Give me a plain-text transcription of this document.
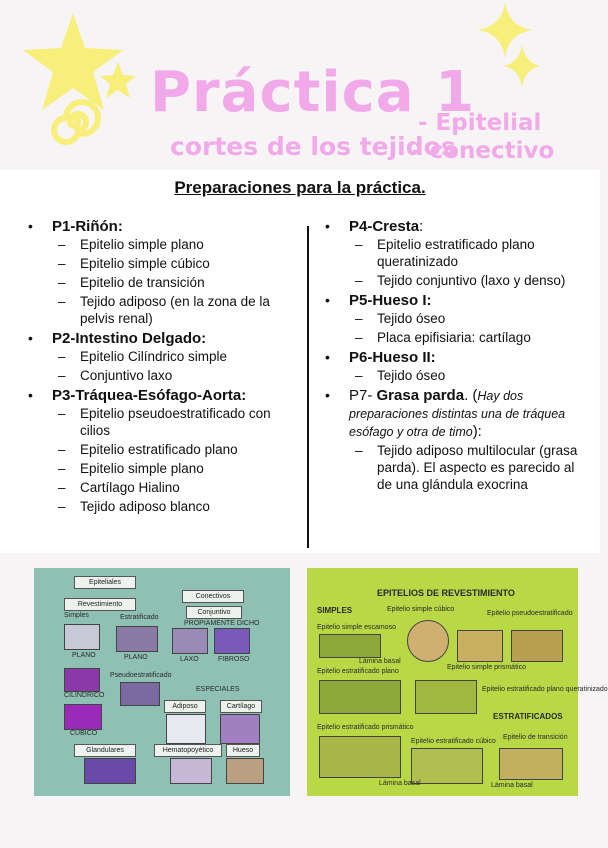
Práctica 1
cortes de los tejidos
- Epitelial
- conectivo
Preparaciones para la práctica.
• P1-Riñón:
– Epitelio simple plano
– Epitelio simple cúbico
– Epitelio de transición
– Tejido adiposo (en la zona de la pelvis renal)
• P2-Intestino Delgado:
– Epitelio Cilíndrico simple
– Conjuntivo laxo
• P3-Tráquea-Esófago-Aorta:
– Epitelio pseudoestratificado con cilios
– Epitelio estratificado plano
– Epitelio simple plano
– Cartílago Hialino
– Tejido adiposo blanco
• P4-Cresta:
– Epitelio estratificado plano queratinizado
– Tejido conjuntivo (laxo y denso)
• P5-Hueso I:
– Tejido óseo
– Placa epifisiaria: cartílago
• P6-Hueso II:
– Tejido óseo
• P7- Grasa parda. (Hay dos preparaciones distintas una de tráquea esófago y otra de timo):
– Tejido adiposo multilocular (grasa parda). El aspecto es parecido al de una glándula exocrina
Epiteliales
Conectivos
Revestimiento
Conjuntivo
Simples	Estratificado
PROPIAMENTE DICHO
PLANO	PLANO	LAXO	FIBROSO
Pseudoestratificado
CILÍNDRICO
ESPECIALES
Adiposo	Cartílago
CÚBICO
Glandulares	Hematopoyético	Hueso
EPITELIOS DE REVESTIMIENTO
SIMPLES	Epitelio simple cúbico
Epitelio pseudoestratificado
Epitelio simple escamoso
Lámina basal
Epitelio simple prismático
Epitelio estratificado plano
Epitelio estratificado plano queratinizado
ESTRATIFICADOS
Epitelio estratificado prismático
Epitelio estratificado cúbico
Epitelio de transición
Lámina basal	Lámina basal
